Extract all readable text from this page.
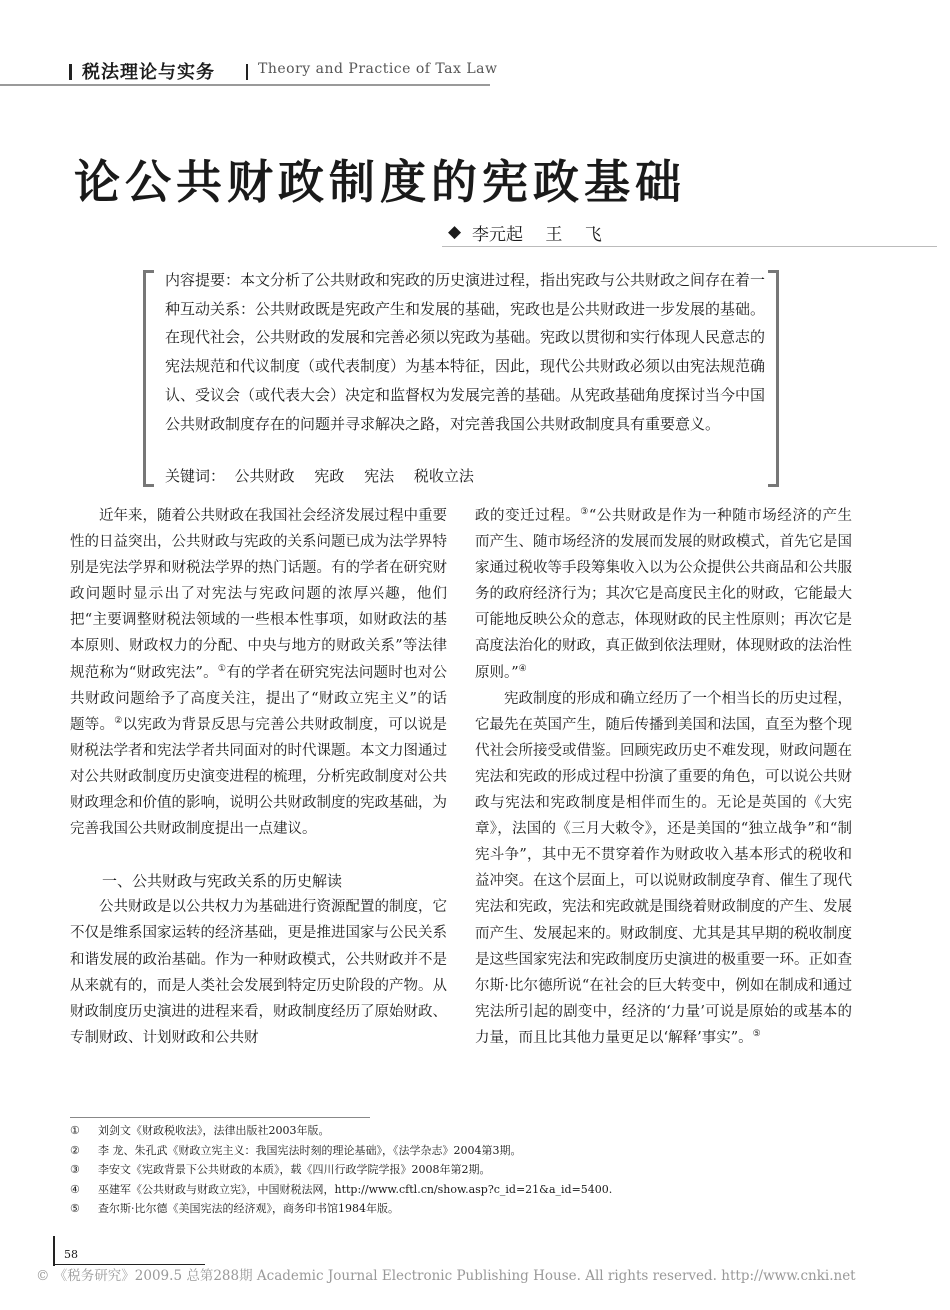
税法理论与实务	Theory and Practice of Tax Law
论公共财政制度的宪政基础
◆ 李元起　 王　 飞
内容提要：本文分析了公共财政和宪政的历史演进过程，指出宪政与公共财政之间存在着一种互动关系：公共财政既是宪政产生和发展的基础，宪政也是公共财政进一步发展的基础。在现代社会，公共财政的发展和完善必须以宪政为基础。宪政以贯彻和实行体现人民意志的宪法规范和代议制度（或代表制度）为基本特征，因此，现代公共财政必须以由宪法规范确认、受议会（或代表大会）决定和监督权为发展完善的基础。从宪政基础角度探讨当今中国公共财政制度存在的问题并寻求解决之路，对完善我国公共财政制度具有重要意义。
关键词：  公共财政　 宪政　 宪法　 税收立法

近年来，随着公共财政在我国社会经济发展过程中重要性的日益突出，公共财政与宪政的关系问题已成为法学界特别是宪法学界和财税法学界的热门话题。有的学者在研究财政问题时显示出了对宪法与宪政问题的浓厚兴趣，他们把“主要调整财税法领域的一些根本性事项，如财政法的基本原则、财政权力的分配、中央与地方的财政关系”等法律规范称为“财政宪法”。①有的学者在研究宪法问题时也对公共财政问题给予了高度关注，提出了“财政立宪主义”的话题等。②以宪政为背景反思与完善公共财政制度，可以说是财税法学者和宪法学者共同面对的时代课题。本文力图通过对公共财政制度历史演变进程的梳理，分析宪政制度对公共财政理念和价值的影响，说明公共财政制度的宪政基础，为完善我国公共财政制度提出一点建议。

一、公共财政与宪政关系的历史解读

公共财政是以公共权力为基础进行资源配置的制度，它不仅是维系国家运转的经济基础，更是推进国家与公民关系和谐发展的政治基础。作为一种财政模式，公共财政并不是从来就有的，而是人类社会发展到特定历史阶段的产物。从财政制度历史演进的进程来看，财政制度经历了原始财政、专制财政、计划财政和公共财

政的变迁过程。③“公共财政是作为一种随市场经济的产生而产生、随市场经济的发展而发展的财政模式，首先它是国家通过税收等手段筹集收入以为公众提供公共商品和公共服务的政府经济行为；其次它是高度民主化的财政，它能最大可能地反映公众的意志，体现财政的民主性原则；再次它是高度法治化的财政，真正做到依法理财，体现财政的法治性原则。”④

宪政制度的形成和确立经历了一个相当长的历史过程，它最先在英国产生，随后传播到美国和法国，直至为整个现代社会所接受或借鉴。回顾宪政历史不难发现，财政问题在宪法和宪政的形成过程中扮演了重要的角色，可以说公共财政与宪法和宪政制度是相伴而生的。无论是英国的《大宪章》，法国的《三月大敕令》，还是美国的“独立战争”和“制宪斗争”，其中无不贯穿着作为财政收入基本形式的税收和益冲突。在这个层面上，可以说财政制度孕育、催生了现代宪法和宪政，宪法和宪政就是围绕着财政制度的产生、发展而产生、发展起来的。财政制度、尤其是其早期的税收制度是这些国家宪法和宪政制度历史演进的极重要一环。正如查尔斯·比尔德所说“在社会的巨大转变中，例如在制成和通过宪法所引起的剧变中，经济的‘力量’可说是原始的或基本的力量，而且比其他力量更足以‘解释’事实”。⑤

① 刘剑文《财政税收法》，法律出版社2003年版。
② 李 龙、朱孔武《财政立宪主义：我国宪法时刻的理论基础》，《法学杂志》2004第3期。
③ 李安文《宪政背景下公共财政的本质》，载《四川行政学院学报》2008年第2期。
④ 巫建军《公共财政与财政立宪》，中国财税法网，http://www.cftl.cn/show.asp?c_id=21&a_id=5400.
⑤ 查尔斯·比尔德《美国宪法的经济观》，商务印书馆1984年版。
58
© 《税务研究》2009.5 总第288期 Academic Journal Electronic Publishing House. All rights reserved. http://www.cnki.net
